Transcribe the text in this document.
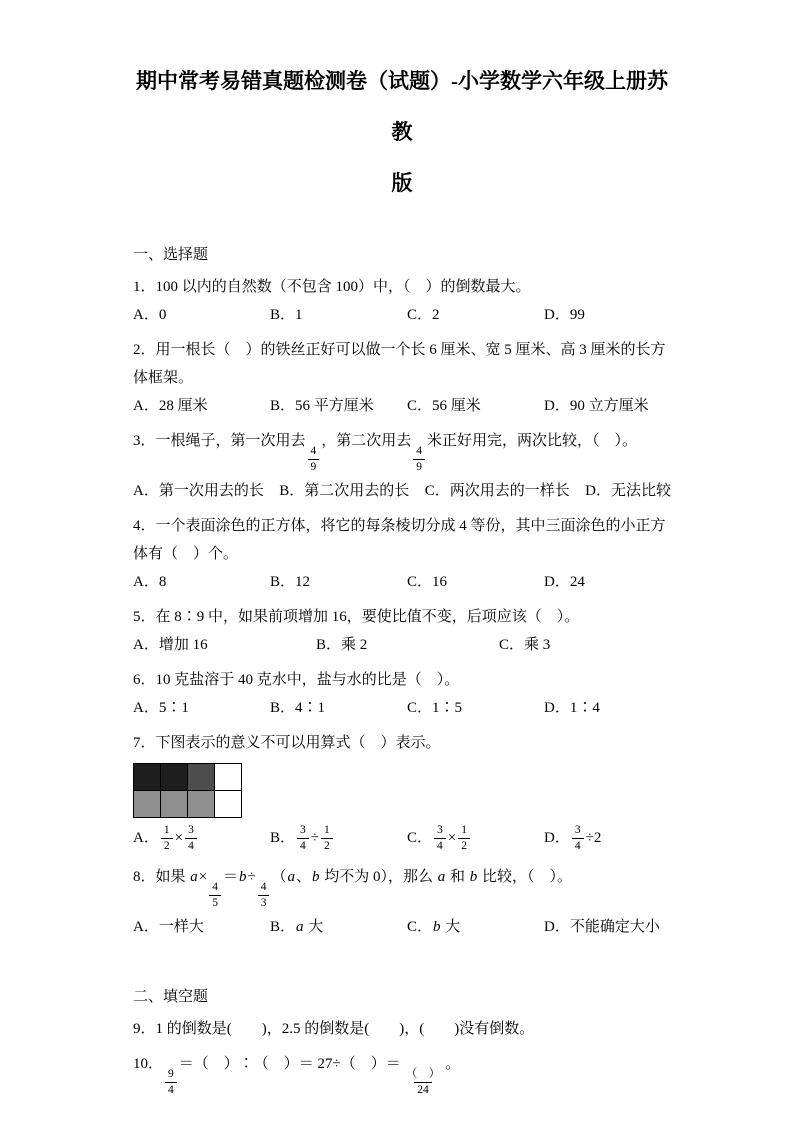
期中常考易错真题检测卷（试题）-小学数学六年级上册苏教
版
一、选择题
1．100 以内的自然数（不包含 100）中，（　）的倒数最大。
A．0	B．1	C．2	D．99
2．用一根长（　）的铁丝正好可以做一个长 6 厘米、宽 5 厘米、高 3 厘米的长方体框架。
A．28 厘米	B．56 平方厘米	C．56 厘米	D．90 立方厘米
3．一根绳子，第一次用去
$\frac{4}{9}$
，第二次用去
$\frac{4}{9}$
米正好用完，两次比较，（　）。
A．第一次用去的长 B．第二次用去的长 C．两次用去的一样长 D．无法比较
4．一个表面涂色的正方体，将它的每条棱切分成 4 等份，其中三面涂色的小正方体有（　）个。
A．8	B．12	C．16	D．24
5．在 8∶9 中，如果前项增加 16，要使比值不变，后项应该（　）。
A．增加 16	B．乘 2	C．乘 3
6．10 克盐溶于 40 克水中，盐与水的比是（　）。
A．5∶1	B．4∶1	C．1∶5	D．1∶4
7．下图表示的意义不可以用算式（　）表示。
A． $\frac{1}{2} \times \frac{3}{4}$	B． $\frac{3}{4} \div \frac{1}{2}$	C． $\frac{3}{4} \times \frac{1}{2}$	D． $\frac{3}{4} \div 2$
8．如果 a×
$\frac{4}{5}$
＝b÷
$\frac{4}{3}$
（a、b 均不为 0），那么 a 和 b 比较，（　）。
A．一样大	B． a 大	C． b 大	D．不能确定大小
二、填空题
9．1 的倒数是(        )，2.5 的倒数是(        )，(        )没有倒数。
10．
$\frac{9}{4}$
＝（　）∶（　）＝ 27÷（　）＝
$\frac{( )}{24}$
。
